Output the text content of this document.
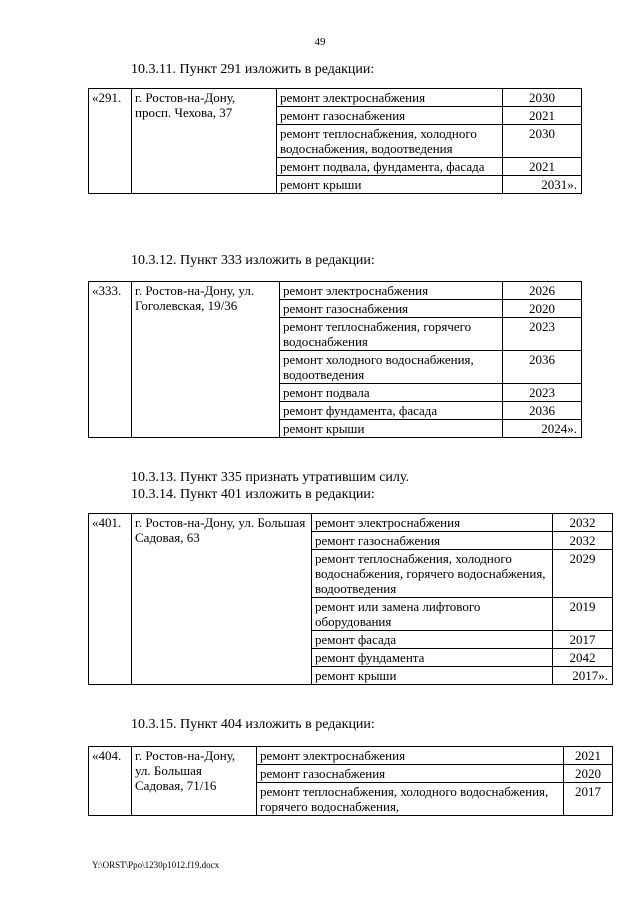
49
10.3.11. Пункт 291 изложить в редакции:
«291.	г. Ростов-на-Дону, просп. Чехова, 37	ремонт электроснабжения	2030
		ремонт газоснабжения	2021
		ремонт теплоснабжения, холодного водоснабжения, водоотведения	2030
		ремонт подвала, фундамента, фасада	2021
		ремонт крыши	2031».
10.3.12. Пункт 333 изложить в редакции:
«333.	г. Ростов-на-Дону, ул. Гоголевская, 19/36	ремонт электроснабжения	2026
		ремонт газоснабжения	2020
		ремонт теплоснабжения, горячего водоснабжения	2023
		ремонт холодного водоснабжения, водоотведения	2036
		ремонт подвала	2023
		ремонт фундамента, фасада	2036
		ремонт крыши	2024».
10.3.13. Пункт 335 признать утратившим силу.
10.3.14. Пункт 401 изложить в редакции:
«401.	г. Ростов-на-Дону, ул. Большая Садовая, 63	ремонт электроснабжения	2032
		ремонт газоснабжения	2032
		ремонт теплоснабжения, холодного водоснабжения, горячего водоснабжения, водоотведения	2029
		ремонт или замена лифтового оборудования	2019
		ремонт фасада	2017
		ремонт фундамента	2042
		ремонт крыши	2017».
10.3.15. Пункт 404 изложить в редакции:
«404.	г. Ростов-на-Дону, ул. Большая Садовая, 71/16	ремонт электроснабжения	2021
		ремонт газоснабжения	2020
		ремонт теплоснабжения, холодного водоснабжения, горячего водоснабжения,	2017
Y:\ORST\Ppo\1230p1012.f19.docx
